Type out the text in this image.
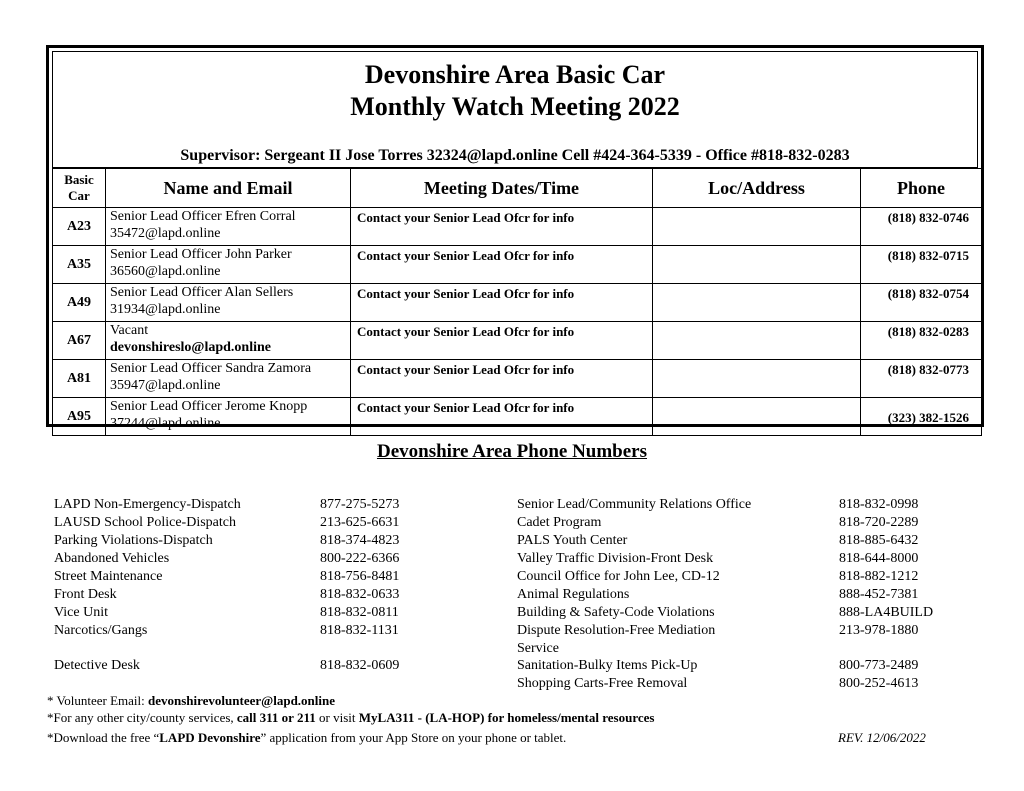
Devonshire Area Basic Car
Monthly Watch Meeting 2022
Supervisor: Sergeant II Jose Torres 32324@lapd.online Cell #424-364-5339 - Office #818-832-0283
Basic
Car	Name and Email	Meeting Dates/Time	Loc/Address	Phone
A23	Senior Lead Officer Efren Corral
35472@lapd.online	Contact your Senior Lead Ofcr for info		(818) 832-0746
A35	Senior Lead Officer John Parker
36560@lapd.online	Contact your Senior Lead Ofcr for info		(818) 832-0715
A49	Senior Lead Officer Alan Sellers
31934@lapd.online	Contact your Senior Lead Ofcr for info		(818) 832-0754
A67	Vacant
devonshireslo@lapd.online	Contact your Senior Lead Ofcr for info		(818) 832-0283
A81	Senior Lead Officer Sandra Zamora
35947@lapd.online	Contact your Senior Lead Ofcr for info		(818) 832-0773
A95	Senior Lead Officer Jerome Knopp
37244@lapd.online	Contact your Senior Lead Ofcr for info		(323) 382-1526
Devonshire Area Phone Numbers
LAPD Non-Emergency-Dispatch	877-275-5273
LAUSD School Police-Dispatch	213-625-6631
Parking Violations-Dispatch	818-374-4823
Abandoned Vehicles	800-222-6366
Street Maintenance	818-756-8481
Front Desk	818-832-0633
Vice Unit	818-832-0811
Narcotics/Gangs	818-832-1131
Detective Desk	818-832-0609
Senior Lead/Community Relations Office	818-832-0998
Cadet Program	818-720-2289
PALS Youth Center	818-885-6432
Valley Traffic Division-Front Desk	818-644-8000
Council Office for John Lee, CD-12	818-882-1212
Animal Regulations	888-452-7381
Building & Safety-Code Violations	888-LA4BUILD
Dispute Resolution-Free Mediation
Service
213-978-1880
Sanitation-Bulky Items Pick-Up	800-773-2489
Shopping Carts-Free Removal	800-252-4613
* Volunteer Email: devonshirevolunteer@lapd.online
*For any other city/county services, call 311 or 211 or visit MyLA311 - (LA-HOP) for homeless/mental resources
*Download the free “LAPD Devonshire” application from your App Store on your phone or tablet.	REV. 12/06/2022
